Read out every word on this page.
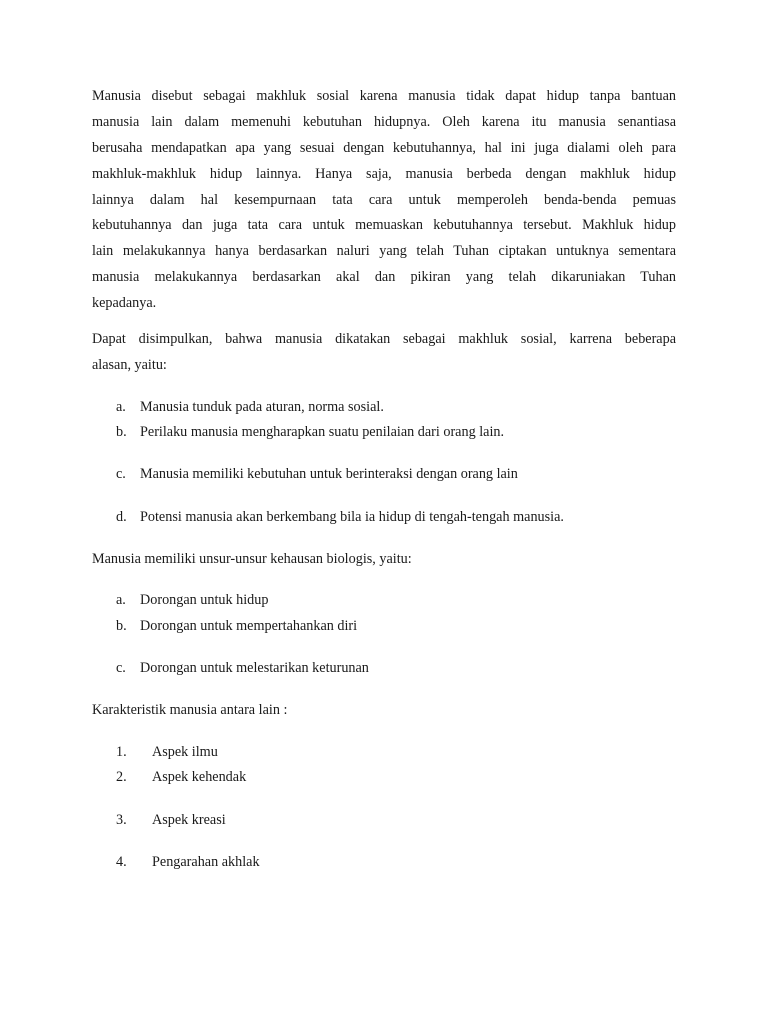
Manusia disebut sebagai makhluk sosial karena manusia tidak dapat hidup tanpa bantuan
manusia lain dalam memenuhi kebutuhan hidupnya. Oleh karena itu manusia senantiasa
berusaha mendapatkan apa yang sesuai dengan kebutuhannya, hal ini juga dialami oleh para
makhluk-makhluk hidup lainnya. Hanya saja, manusia berbeda dengan makhluk hidup
lainnya dalam hal kesempurnaan tata cara untuk memperoleh benda-benda pemuas
kebutuhannya dan juga tata cara untuk memuaskan kebutuhannya tersebut. Makhluk hidup
lain melakukannya hanya berdasarkan naluri yang telah Tuhan ciptakan untuknya sementara
manusia melakukannya berdasarkan akal dan pikiran yang telah dikaruniakan Tuhan
kepadanya.
Dapat disimpulkan, bahwa manusia dikatakan sebagai makhluk sosial, karrena beberapa
alasan, yaitu:
a. Manusia tunduk pada aturan, norma sosial.
b. Perilaku manusia mengharapkan suatu penilaian dari orang lain.
c. Manusia memiliki kebutuhan untuk berinteraksi dengan orang lain
d. Potensi manusia akan berkembang bila ia hidup di tengah-tengah manusia.
Manusia memiliki unsur-unsur kehausan biologis, yaitu:
a. Dorongan untuk hidup
b. Dorongan untuk mempertahankan diri
c. Dorongan untuk melestarikan keturunan
Karakteristik manusia antara lain :
1. Aspek ilmu
2. Aspek kehendak
3. Aspek kreasi
4. Pengarahan akhlak
